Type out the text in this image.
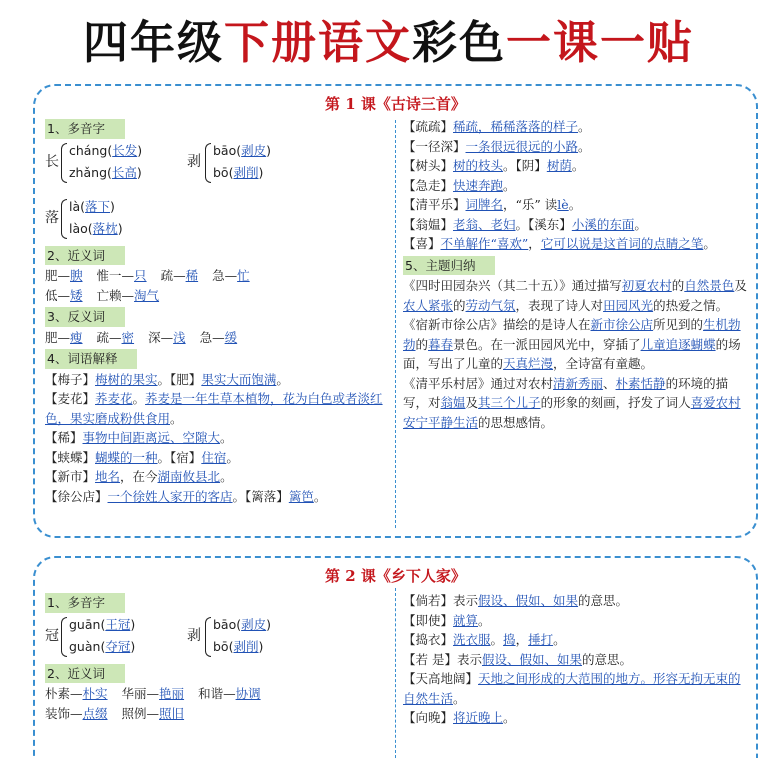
四年级下册语文彩色一课一贴
第 1 课《古诗三首》
1、多音字
长
cháng(长发)
zhǎng(长高)
剥
bāo(剥皮)
bō(剥削)
落
là(落下)
lào(落枕)
2、近义词
肥—腴 惟一—只 疏—稀 急—忙
低—矮 亡赖—淘气
3、反义词
肥—瘦 疏—密 深—浅 急—缓
4、词语解释
【梅子】梅树的果实。【肥】果实大而饱满。
【麦花】荞麦花。荞麦是一年生草本植物，花为白色或者淡红色，果实磨成粉供食用。
【稀】事物中间距离远、空隙大。
【蛱蝶】蝴蝶的一种。【宿】住宿。
【新市】地名，在今湖南攸县北。
【徐公店】一个徐姓人家开的客店。【篱落】篱笆。
【疏疏】稀疏，稀稀落落的样子。
【一径深】一条很远很远的小路。
【树头】树的枝头。【阴】树荫。
【急走】快速奔跑。
【清平乐】词牌名，“乐” 读lè。
【翁媪】老翁、老妇。【溪东】小溪的东面。
【喜】不单解作“喜欢”，它可以说是这首词的点睛之笔。
5、主题归纳
《四时田园杂兴（其二十五）》通过描写初夏农村的自然景色及农人紧张的劳动气氛，表现了诗人对田园风光的热爱之情。
《宿新市徐公店》描绘的是诗人在新市徐公店所见到的生机勃勃的暮春景色。在一派田园风光中，穿插了儿童追逐蝴蝶的场面，写出了儿童的天真烂漫，全诗富有童趣。
《清平乐村居》通过对农村清新秀丽、朴素恬静的环境的描写，对翁媪及其三个儿子的形象的刻画，抒发了词人喜爱农村安宁平静生活的思想感情。
第 2 课《乡下人家》
1、多音字
冠
guān(王冠)
guàn(夺冠)
剥
bāo(剥皮)
bō(剥削)
2、近义词
朴素—朴实 华丽—艳丽 和谐—协调
装饰—点缀 照例—照旧
【倘若】表示假设、假如、如果的意思。
【即使】就算。
【捣衣】洗衣服。捣，捶打。
【若 是】表示假设、假如、如果的意思。
【天高地阔】天地之间形成的大范围的地方。形容无拘无束的自然生活。
【向晚】将近晚上。
